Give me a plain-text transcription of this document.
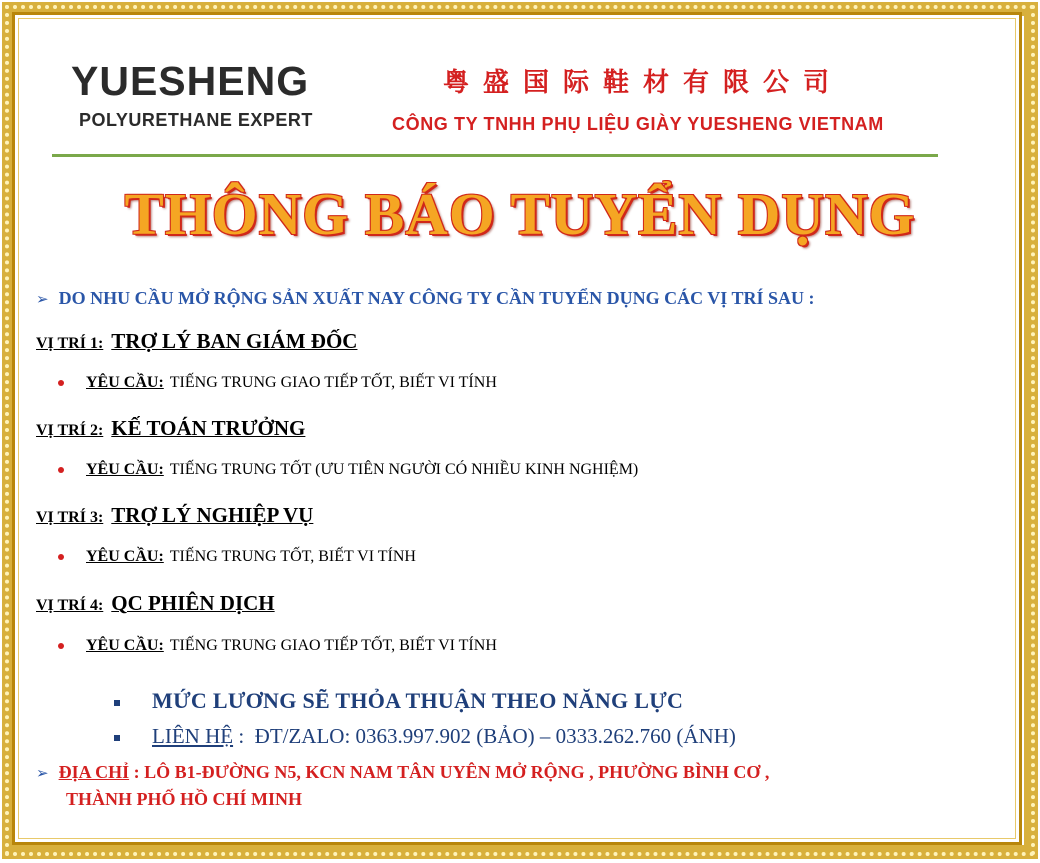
YUESHENG
POLYURETHANE EXPERT
粤盛国际鞋材有限公司
CÔNG TY TNHH PHỤ LIỆU GIÀY YUESHENG VIETNAM
THÔNG BÁO TUYỂN DỤNG
➢ DO NHU CẦU MỞ RỘNG SẢN XUẤT NAY CÔNG TY CẦN TUYỂN DỤNG CÁC VỊ TRÍ SAU :
VỊ TRÍ 1: TRỢ LÝ BAN GIÁM ĐỐC
YÊU CẦU: TIẾNG TRUNG GIAO TIẾP TỐT, BIẾT VI TÍNH
VỊ TRÍ 2: KẾ TOÁN TRƯỞNG
YÊU CẦU: TIẾNG TRUNG TỐT (ƯU TIÊN NGƯỜI CÓ NHIỀU KINH NGHIỆM)
VỊ TRÍ 3: TRỢ LÝ NGHIỆP VỤ
YÊU CẦU: TIẾNG TRUNG TỐT, BIẾT VI TÍNH
VỊ TRÍ 4: QC PHIÊN DỊCH
YÊU CẦU: TIẾNG TRUNG GIAO TIẾP TỐT, BIẾT VI TÍNH
MỨC LƯƠNG SẼ THỎA THUẬN THEO NĂNG LỰC
LIÊN HỆ : ĐT/ZALO: 0363.997.902 (BẢO) – 0333.262.760 (ÁNH)
➢ ĐỊA CHỈ : LÔ B1-ĐƯỜNG N5, KCN NAM TÂN UYÊN MỞ RỘNG , PHƯỜNG BÌNH CƠ ,
THÀNH PHỐ HỒ CHÍ MINH
